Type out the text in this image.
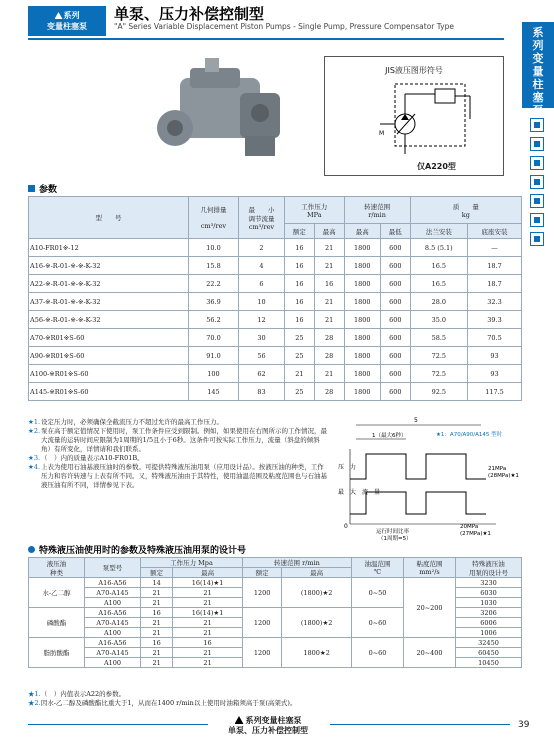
系列
变量柱塞泵
单泵、压力补偿控制型
"A" Series Variable Displacement Piston Pumps - Single Pump, Pressure Compensator Type	系
列
变
量
柱
塞
泵
JIS液压图形符号
M
仅A220型
参数
型　　号	几何排量

cm³/rev	最　　小
调节流量
cm³/rev	工作压力
MPa		转速范围
r/min		质　　量
kg	
			额定	最高	最高	最低	法兰安装	底座安装
A10-FR01※-12	10.0	2	16	21	1800	600	8.5 (5.1)	—
A16-※-R-01-※-※-K-32	15.8	4	16	21	1800	600	16.5	18.7
A22-※-R-01-※-※-K-32	22.2	6	16	16	1800	600	16.5	18.7
A37-※-R-01-※-※-K-32	36.9	10	16	21	1800	600	28.0	32.3
A56-※-R-01-※-※-K-32	56.2	12	16	21	1800	600	35.0	39.3
A70-※R01※S-60	70.0	30	25	28	1800	600	58.5	70.5
A90-※R01※S-60	91.0	56	25	28	1800	600	72.5	93
A100-※R01※S-60	100	62	21	21	1800	600	72.5	93
A145-※R01※S-60	145	83	25	28	1800	600	92.5	117.5
★1. 设定压力时，必须确保全截流压力不超过允许的最高工作压力。
★2. 泵在高于额定值情况下使用时，泵工作条件应受到限制。例如，如果使用在右图所示的工作情况，最大流量的运转时间应限制为1周期的1/5且小于6秒。这条件可按实际工作压力，流量（斜盘的倾斜角）有所变化，详情请和我们联系。
★3. （　）内的质量表示A10-FR01B。
★4. 上表为使用石油基液压油时的参数。可提供特殊液压油用泵（应用设计品）。按液压油的种类，工作压力和容许转速与上表有所不同。又，特殊液压油由于其特性，使用油温范围及粘度范围也与石油基液压油有所不同，详情参见下表。
5
1（最大6秒）	★1：A70/A90/A145 型时
压　力
最　大　流　量
21MPa
(28MPa)★1
20MPa
(27MPa)★1
0
运行时间比率
（1周期=5）
特殊液压油使用时的参数及特殊液压油用泵的设计号
液压油
种类	泵型号	工作压力 Mpa		转速范围 r/min		油温范围
℃	粘度范围
mm²/s	特殊液压油
用泵的设计号
		额定	最高	额定	最高			
水-乙二醇	A16-A56	14	16(14)★1	1200	(1800)★2	0~50	20~200	3230
	A70-A145	21	21					6030
	A100	21	21					1030
磷酸酯	A16-A56	16	16(14)★1	1200	(1800)★2	0~60		3206
	A70-A145	21	21					6006
	A100	21	21					1006
脂肪酸酯	A16-A56	16	16	1200	1800★2	0~60	20~400	32450
	A70-A145	21	21					60450
	A100	21	21					10450
★1.（　）内值表示A22的参数。
★2.因水-乙二醇及磷酸酯比重大于1，从而在1400 r/min以上使用时油箱须高于泵(高架式)。
系列变量柱塞泵
单泵、压力补偿控制型
39
